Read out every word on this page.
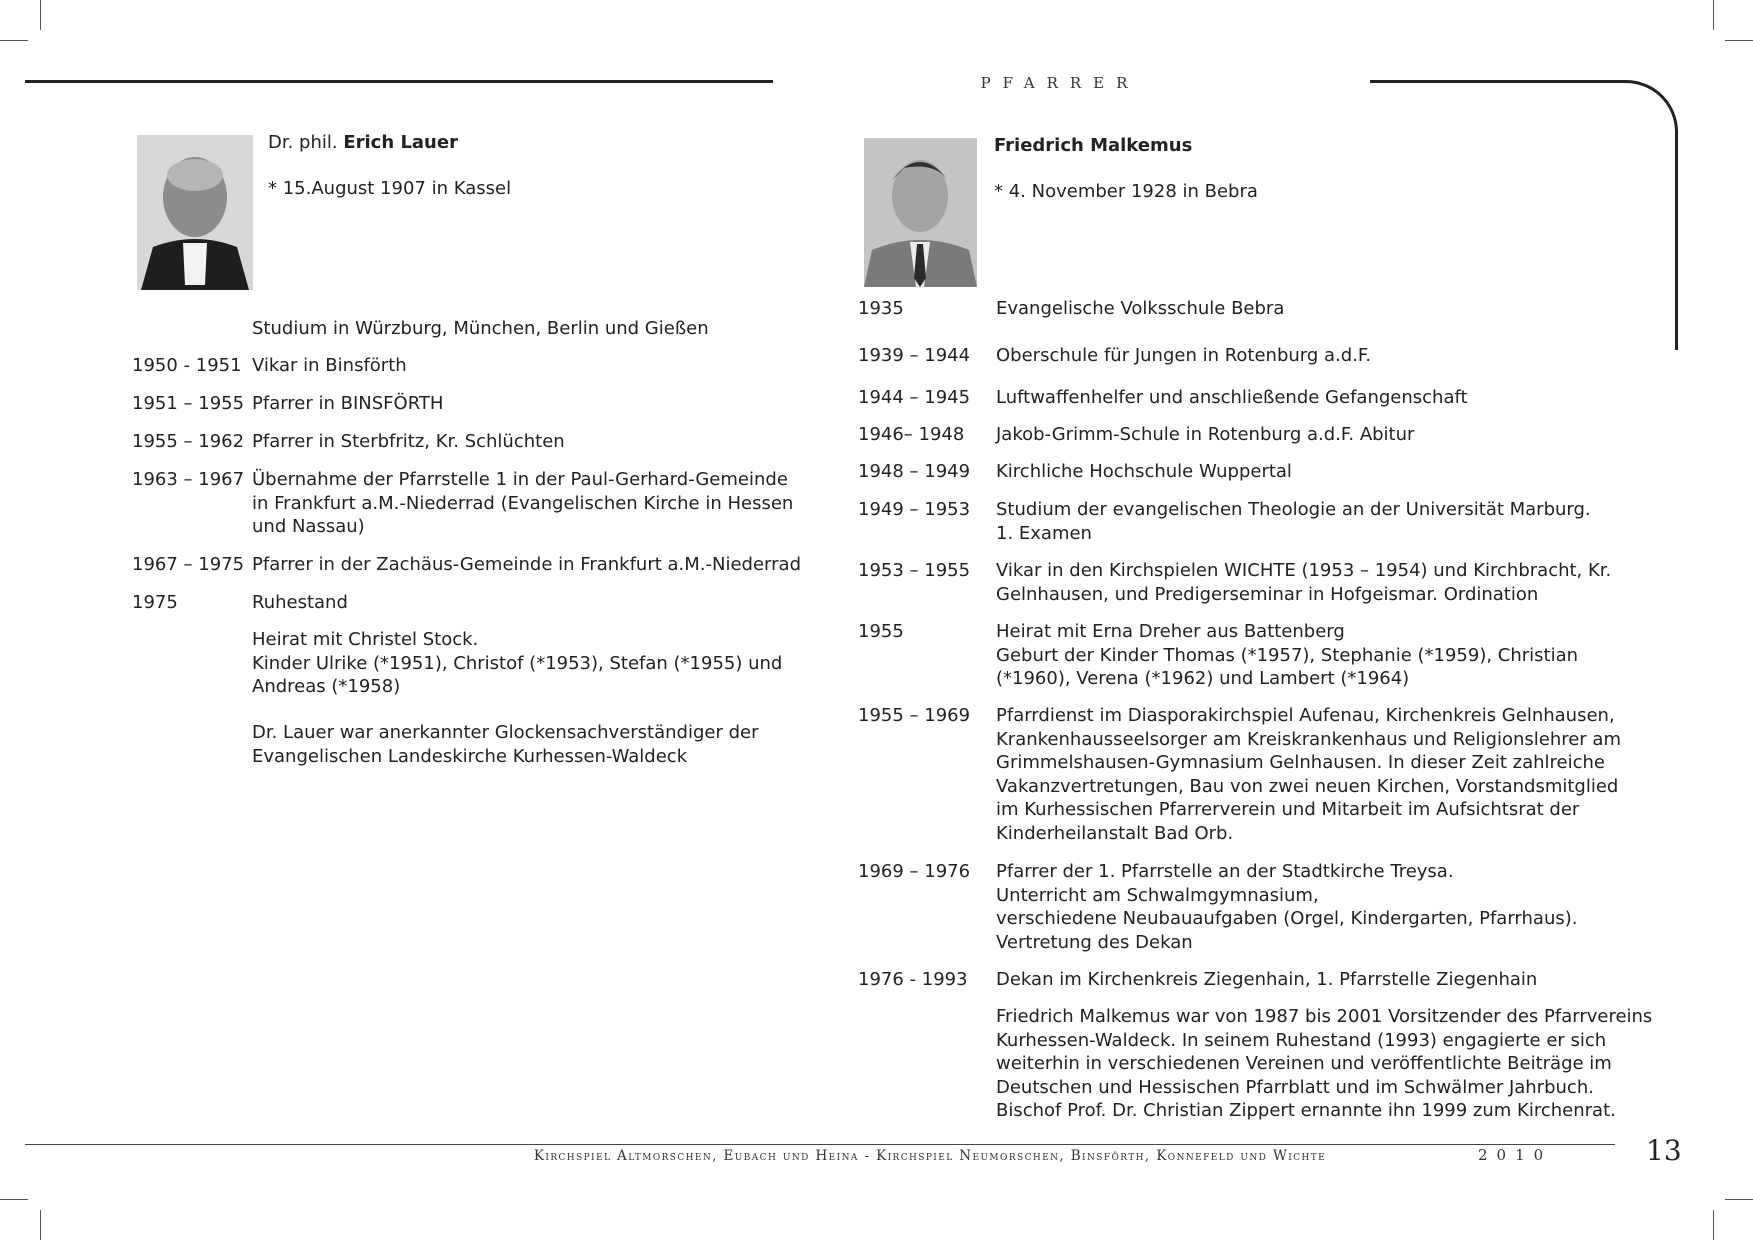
PFARRER
Dr. phil. Erich Lauer
* 15.August 1907 in Kassel
Studium in Würzburg, München, Berlin und Gießen
1950 - 1951 Vikar in Binsförth
1951 – 1955 Pfarrer in BINSFÖRTH
1955 – 1962 Pfarrer in Sterbfritz, Kr. Schlüchten
1963 – 1967 Übernahme der Pfarrstelle 1 in der Paul-Gerhard-Gemeinde
in Frankfurt a.M.-Niederrad (Evangelischen Kirche in Hessen
und Nassau)
1967 – 1975 Pfarrer in der Zachäus-Gemeinde in Frankfurt a.M.-Niederrad
1975	Ruhestand
Heirat mit Christel Stock.
Kinder Ulrike (*1951), Christof (*1953), Stefan (*1955) und
Andreas (*1958)
Dr. Lauer war anerkannter Glockensachverständiger der
Evangelischen Landeskirche Kurhessen-Waldeck
Friedrich Malkemus
* 4. November 1928 in Bebra
1935	Evangelische Volksschule Bebra
1939 – 1944 Oberschule für Jungen in Rotenburg a.d.F.
1944 – 1945 Luftwaffenhelfer und anschließende Gefangenschaft
1946– 1948 Jakob-Grimm-Schule in Rotenburg a.d.F. Abitur
1948 – 1949 Kirchliche Hochschule Wuppertal
1949 – 1953 Studium der evangelischen Theologie an der Universität Marburg.
1. Examen
1953 – 1955 Vikar in den Kirchspielen WICHTE (1953 – 1954) und Kirchbracht, Kr.
Gelnhausen, und Predigerseminar in Hofgeismar. Ordination
1955	Heirat mit Erna Dreher aus Battenberg
Geburt der Kinder Thomas (*1957), Stephanie (*1959), Christian
(*1960), Verena (*1962) und Lambert (*1964)
1955 – 1969 Pfarrdienst im Diasporakirchspiel Aufenau, Kirchenkreis Gelnhausen,
Krankenhausseelsorger am Kreiskrankenhaus und Religionslehrer am
Grimmelshausen-Gymnasium Gelnhausen. In dieser Zeit zahlreiche
Vakanzvertretungen, Bau von zwei neuen Kirchen, Vorstandsmitglied
im Kurhessischen Pfarrerverein und Mitarbeit im Aufsichtsrat der
Kinderheilanstalt Bad Orb.
1969 – 1976 Pfarrer der 1. Pfarrstelle an der Stadtkirche Treysa.
Unterricht am Schwalmgymnasium,
verschiedene Neubauaufgaben (Orgel, Kindergarten, Pfarrhaus).
Vertretung des Dekan
1976 - 1993 Dekan im Kirchenkreis Ziegenhain, 1. Pfarrstelle Ziegenhain
Friedrich Malkemus war von 1987 bis 2001 Vorsitzender des Pfarrvereins
Kurhessen-Waldeck. In seinem Ruhestand (1993) engagierte er sich
weiterhin in verschiedenen Vereinen und veröffentlichte Beiträge im
Deutschen und Hessischen Pfarrblatt und im Schwälmer Jahrbuch.
Bischof Prof. Dr. Christian Zippert ernannte ihn 1999 zum Kirchenrat.
Kirchspiel Altmorschen, Eubach und Heina - Kirchspiel Neumorschen, Binsförth, Konnefeld und Wichte	2010	13
